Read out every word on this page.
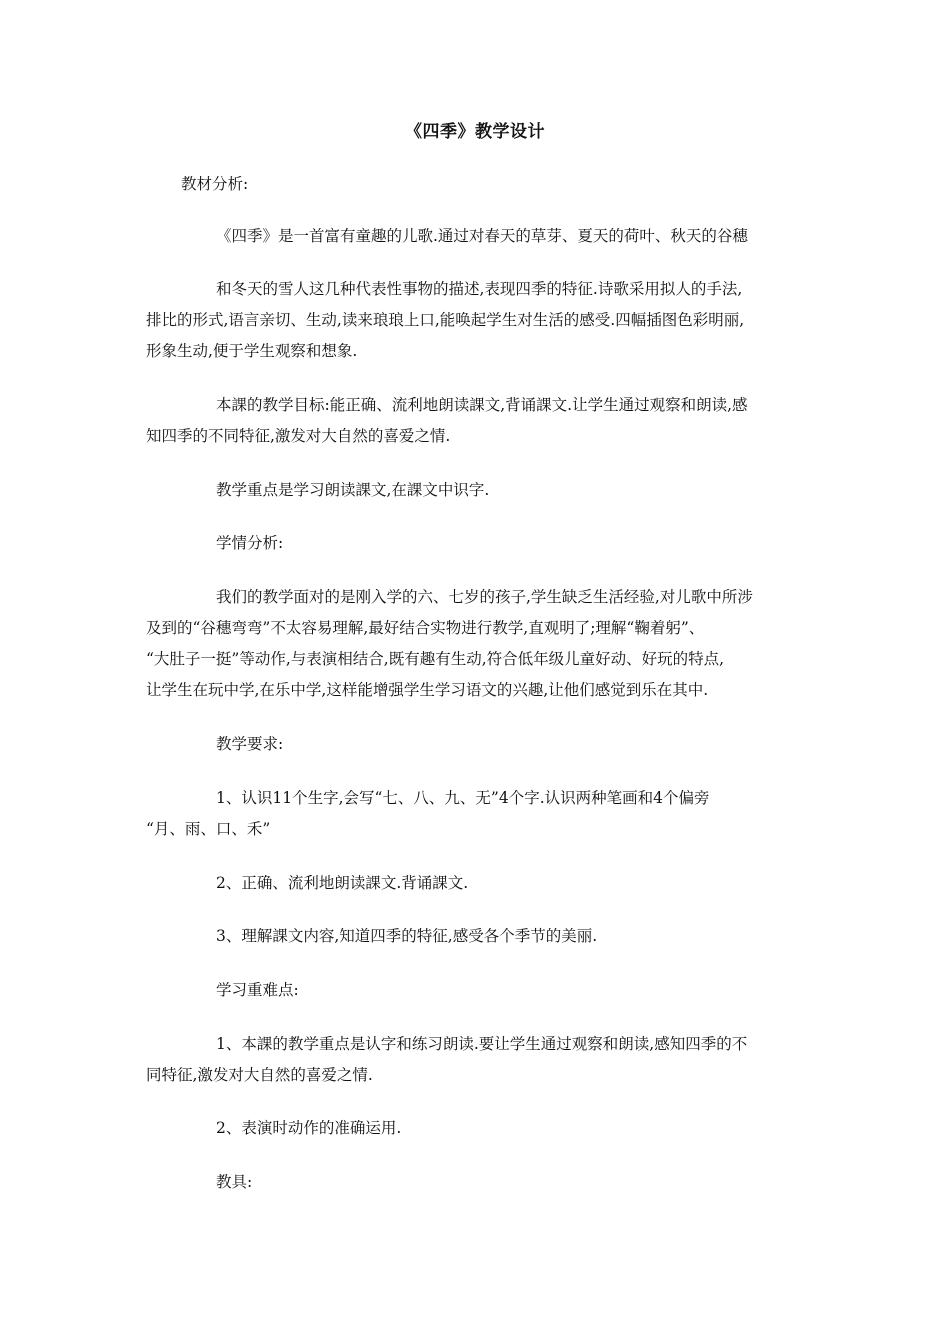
《四季》教学设计
教材分析:
《四季》是一首富有童趣的儿歌.通过对春天的草芽、夏天的荷叶、秋天的谷穗
和冬天的雪人这几种代表性事物的描述,表现四季的特征.诗歌采用拟人的手法,
排比的形式,语言亲切、生动,读来琅琅上口,能唤起学生对生活的感受.四幅插图色彩明丽,
形象生动,便于学生观察和想象.
本課的教学目标:能正确、流利地朗读課文,背诵課文.让学生通过观察和朗读,感
知四季的不同特征,激发对大自然的喜爱之情.
教学重点是学习朗读課文,在課文中识字.
学情分析:
我们的教学面对的是刚入学的六、七岁的孩子,学生缺乏生活经验,对儿歌中所涉
及到的“谷穗弯弯”不太容易理解,最好结合实物进行教学,直观明了;理解“鞠着躬”、
“大肚子一挺”等动作,与表演相结合,既有趣有生动,符合低年级儿童好动、好玩的特点,
让学生在玩中学,在乐中学,这样能增强学生学习语文的兴趣,让他们感觉到乐在其中.
教学要求:
1、认识11个生字,会写“七、八、九、无”4个字.认识两种笔画和4个偏旁
“月、雨、口、禾”
2、正确、流利地朗读課文.背诵課文.
3、理解課文内容,知道四季的特征,感受各个季节的美丽.
学习重难点:
1、本課的教学重点是认字和练习朗读.要让学生通过观察和朗读,感知四季的不
同特征,激发对大自然的喜爱之情.
2、表演时动作的准确运用.
教具:
